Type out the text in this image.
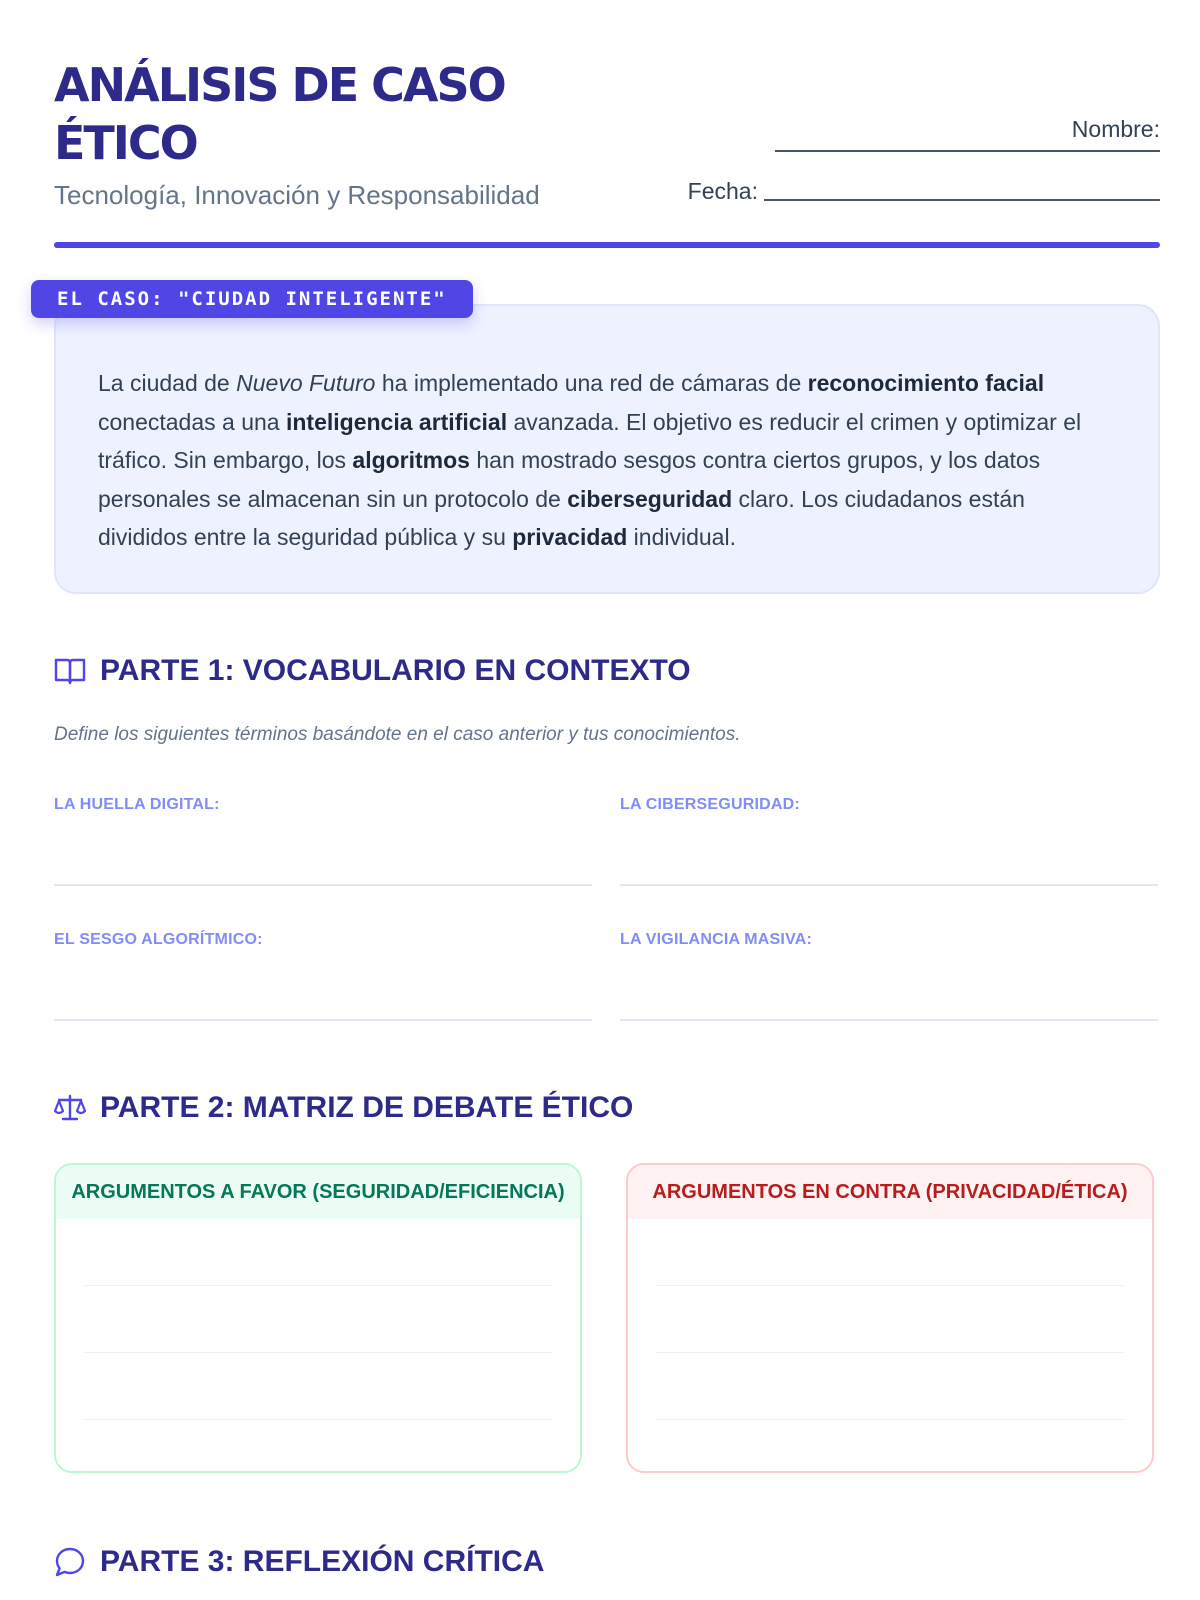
ANÁLISIS DE CASO ÉTICO
Tecnología, Innovación y Responsabilidad
Nombre:
Fecha:
EL CASO: "CIUDAD INTELIGENTE"
La ciudad de Nuevo Futuro ha implementado una red de cámaras de reconocimiento facial conectadas a una inteligencia artificial avanzada. El objetivo es reducir el crimen y optimizar el tráfico. Sin embargo, los algoritmos han mostrado sesgos contra ciertos grupos, y los datos personales se almacenan sin un protocolo de ciberseguridad claro. Los ciudadanos están divididos entre la seguridad pública y su privacidad individual.
PARTE 1: VOCABULARIO EN CONTEXTO
Define los siguientes términos basándote en el caso anterior y tus conocimientos.
LA HUELLA DIGITAL:	LA CIBERSEGURIDAD:
EL SESGO ALGORÍTMICO:	LA VIGILANCIA MASIVA:
PARTE 2: MATRIZ DE DEBATE ÉTICO
ARGUMENTOS A FAVOR (SEGURIDAD/EFICIENCIA)	ARGUMENTOS EN CONTRA (PRIVACIDAD/ÉTICA)
PARTE 3: REFLEXIÓN CRÍTICA
